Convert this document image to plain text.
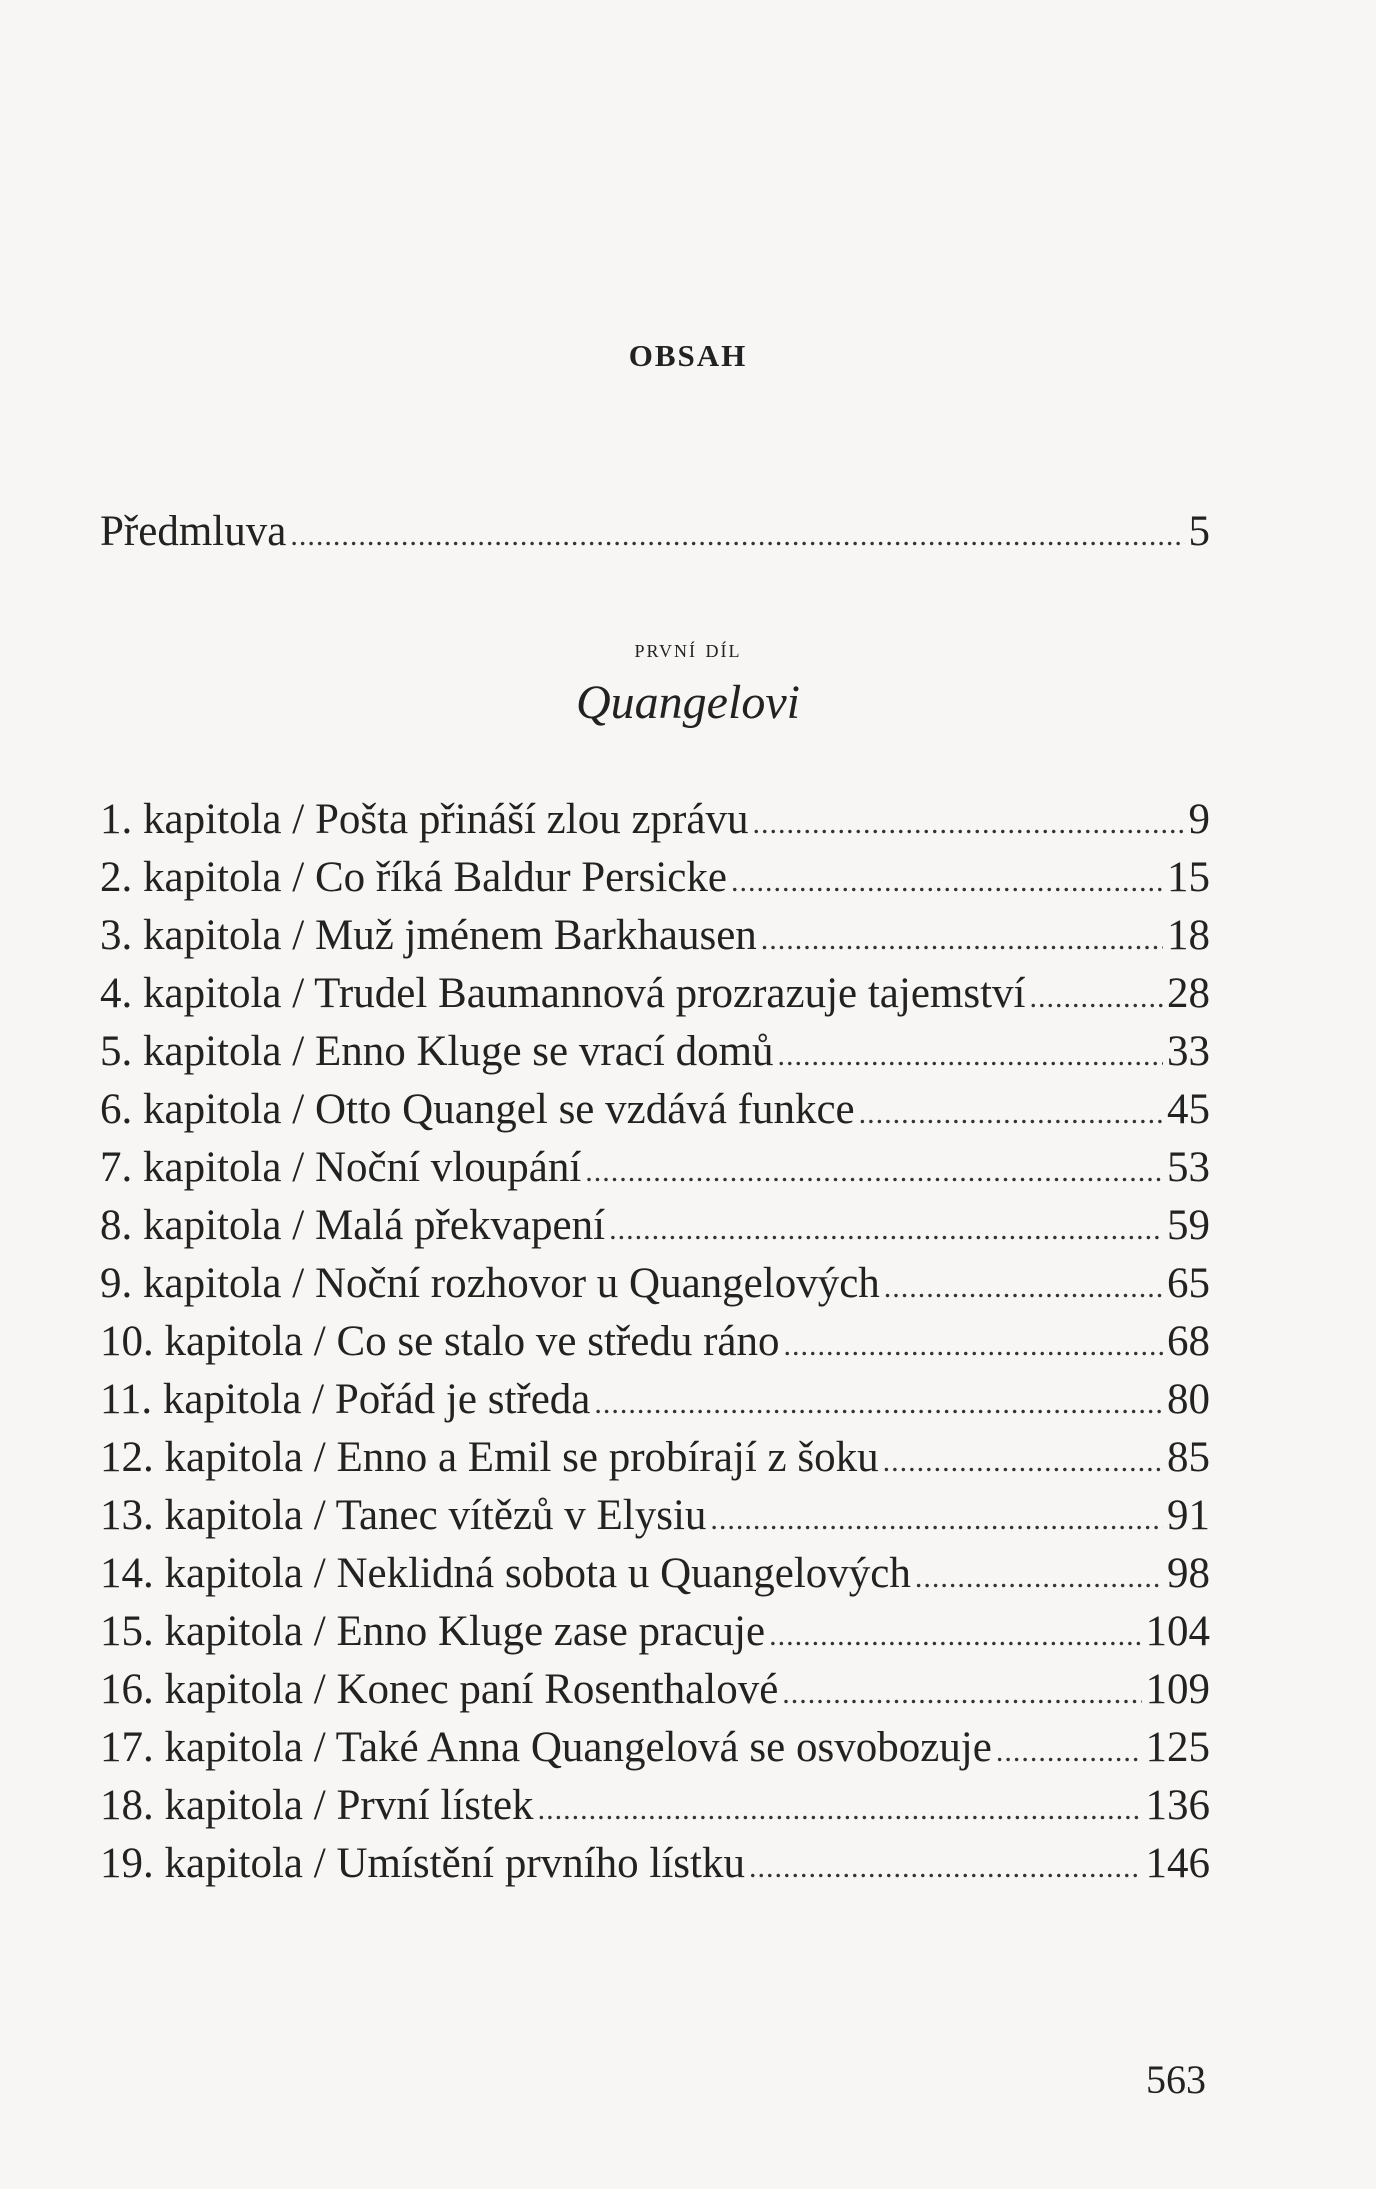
OBSAH
Předmluva .....	5
první díl
Quangelovi
1. kapitola / Pošta přináší zlou zprávu .....	9
2. kapitola / Co říká Baldur Persicke .....	15
3. kapitola / Muž jménem Barkhausen .....	18
4. kapitola / Trudel Baumannová prozrazuje tajemství .....	28
5. kapitola / Enno Kluge se vrací domů .....	33
6. kapitola / Otto Quangel se vzdává funkce .....	45
7. kapitola / Noční vloupání .....	53
8. kapitola / Malá překvapení .....	59
9. kapitola / Noční rozhovor u Quangelových .....	65
10. kapitola / Co se stalo ve středu ráno .....	68
11. kapitola / Pořád je středa .....	80
12. kapitola / Enno a Emil se probírají z šoku .....	85
13. kapitola / Tanec vítězů v Elysiu .....	91
14. kapitola / Neklidná sobota u Quangelových .....	98
15. kapitola / Enno Kluge zase pracuje .....	104
16. kapitola / Konec paní Rosenthalové .....	109
17. kapitola / Také Anna Quangelová se osvobozuje .....	125
18. kapitola / První lístek .....	136
19. kapitola / Umístění prvního lístku .....	146
563
